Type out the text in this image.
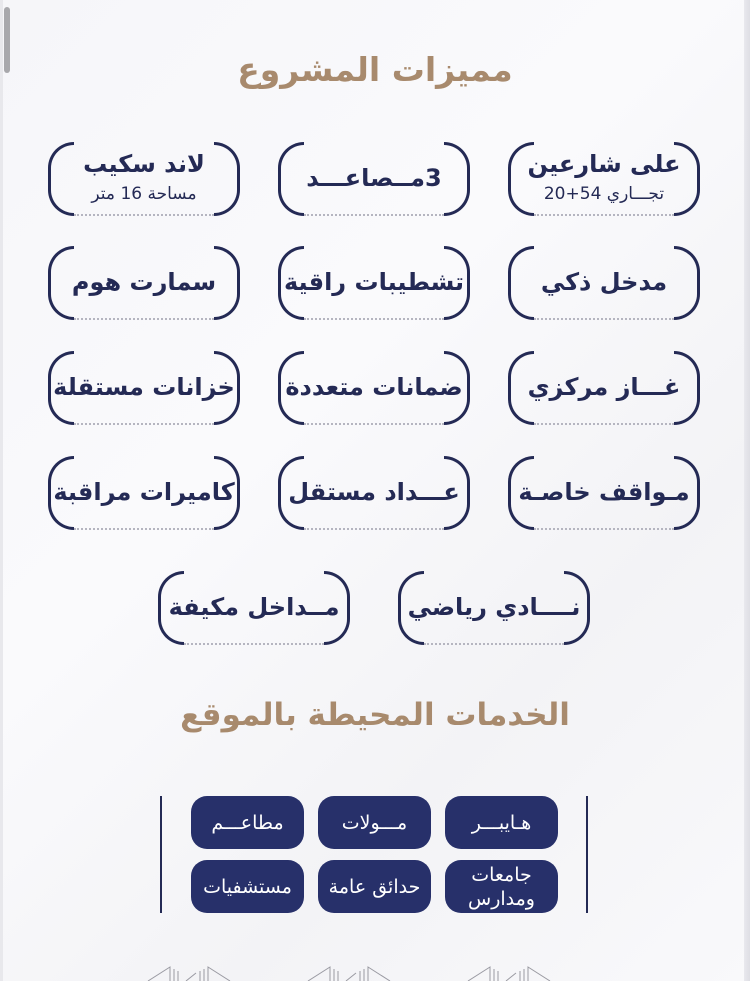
مميزات المشروع
على شارعين
تجـــاري 54+20
3مــصاعـــد
لاند سكيب
مساحة 16 متر
مدخل ذكي
تشطيبات راقية
سمارت هوم
غـــاز مركزي
ضمانات متعددة
خزانات مستقلة
مـواقف خاصـة
عـــداد مستقل
كاميرات مراقبة
نــــادي رياضي
مــداخل مكيفة
الخدمات المحيطة بالموقع
هـايبـــر
مـــولات
مطاعـــم
جامعات ومدارس
حدائق عامة
مستشفيات
